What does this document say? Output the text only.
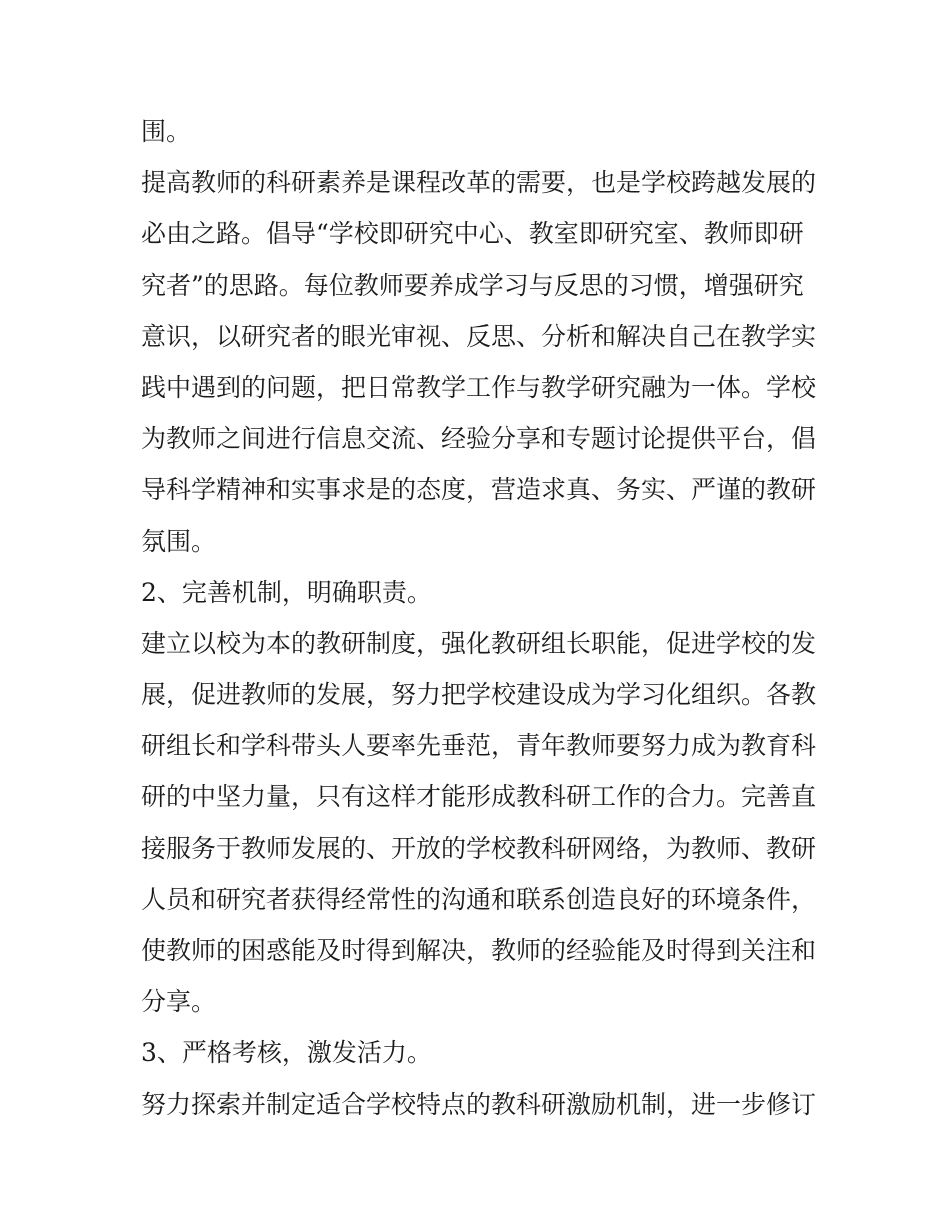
围。
提高教师的科研素养是课程改革的需要，也是学校跨越发展的
必由之路。倡导“学校即研究中心、教室即研究室、教师即研
究者”的思路。每位教师要养成学习与反思的习惯，增强研究
意识，以研究者的眼光审视、反思、分析和解决自己在教学实
践中遇到的问题，把日常教学工作与教学研究融为一体。学校
为教师之间进行信息交流、经验分享和专题讨论提供平台，倡
导科学精神和实事求是的态度，营造求真、务实、严谨的教研
氛围。
2、完善机制，明确职责。
建立以校为本的教研制度，强化教研组长职能，促进学校的发
展，促进教师的发展，努力把学校建设成为学习化组织。各教
研组长和学科带头人要率先垂范，青年教师要努力成为教育科
研的中坚力量，只有这样才能形成教科研工作的合力。完善直
接服务于教师发展的、开放的学校教科研网络，为教师、教研
人员和研究者获得经常性的沟通和联系创造良好的环境条件，
使教师的困惑能及时得到解决，教师的经验能及时得到关注和
分享。
3、严格考核，激发活力。
努力探索并制定适合学校特点的教科研激励机制，进一步修订
